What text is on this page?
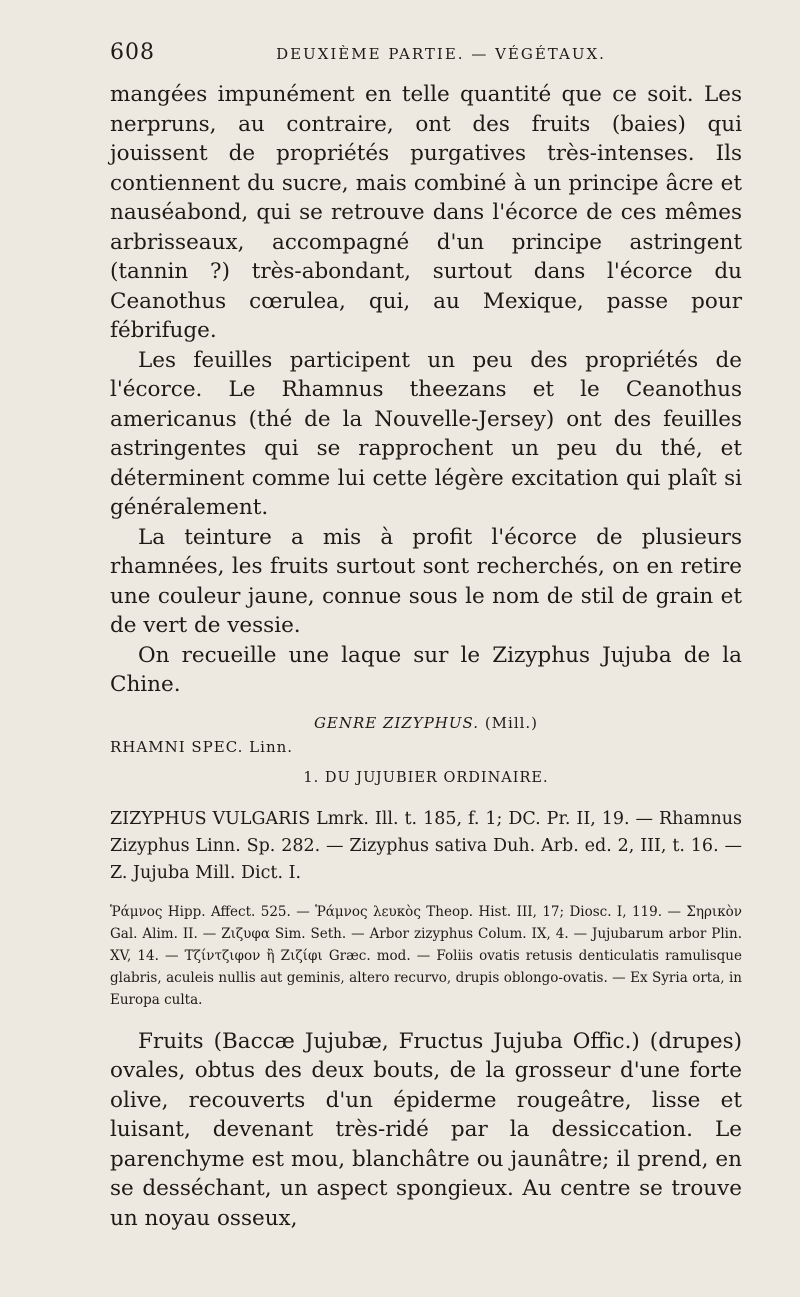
608	DEUXIÈME PARTIE. — VÉGÉTAUX.

mangées impunément en telle quantité que ce soit. Les nerpruns, au contraire, ont des fruits (baies) qui jouissent de propriétés purgatives très-intenses. Ils contiennent du sucre, mais combiné à un principe âcre et nauséabond, qui se retrouve dans l'écorce de ces mêmes arbrisseaux, accompagné d'un principe astringent (tannin ?) très-abondant, surtout dans l'écorce du Ceanothus cœrulea, qui, au Mexique, passe pour fébrifuge.

Les feuilles participent un peu des propriétés de l'écorce. Le Rhamnus theezans et le Ceanothus americanus (thé de la Nouvelle-Jersey) ont des feuilles astringentes qui se rapprochent un peu du thé, et déterminent comme lui cette légère excitation qui plaît si généralement.

La teinture a mis à profit l'écorce de plusieurs rhamnées, les fruits surtout sont recherchés, on en retire une couleur jaune, connue sous le nom de stil de grain et de vert de vessie.

On recueille une laque sur le Zizyphus Jujuba de la Chine.

GENRE ZIZYPHUS. (Mill.)
RHAMNI SPEC. Linn.
1. DU JUJUBIER ORDINAIRE.

ZIZYPHUS VULGARIS Lmrk. Ill. t. 185, f. 1; DC. Pr. II, 19. — Rhamnus Zizyphus Linn. Sp. 282. — Zizyphus sativa Duh. Arb. ed. 2, III, t. 16. — Z. Jujuba Mill. Dict. I.

Ῥάμνος Hipp. Affect. 525. — Ῥάμνος λευκὸς Theop. Hist. III, 17; Diosc. I, 119. — Σηρικὸν Gal. Alim. II. — Ζιζυφα Sim. Seth. — Arbor zizyphus Colum. IX, 4. — Jujubarum arbor Plin. XV, 14. — Τζίντζιφον ἢ Ζιζίφι Græc. mod. — Foliis ovatis retusis denticulatis ramulisque glabris, aculeis nullis aut geminis, altero recurvo, drupis oblongo-ovatis. — Ex Syria orta, in Europa culta.

Fruits (Baccæ Jujubæ, Fructus Jujuba Offic.) (drupes) ovales, obtus des deux bouts, de la grosseur d'une forte olive, recouverts d'un épiderme rougeâtre, lisse et luisant, devenant très-ridé par la dessiccation. Le parenchyme est mou, blanchâtre ou jaunâtre; il prend, en se desséchant, un aspect spongieux. Au centre se trouve un noyau osseux,
